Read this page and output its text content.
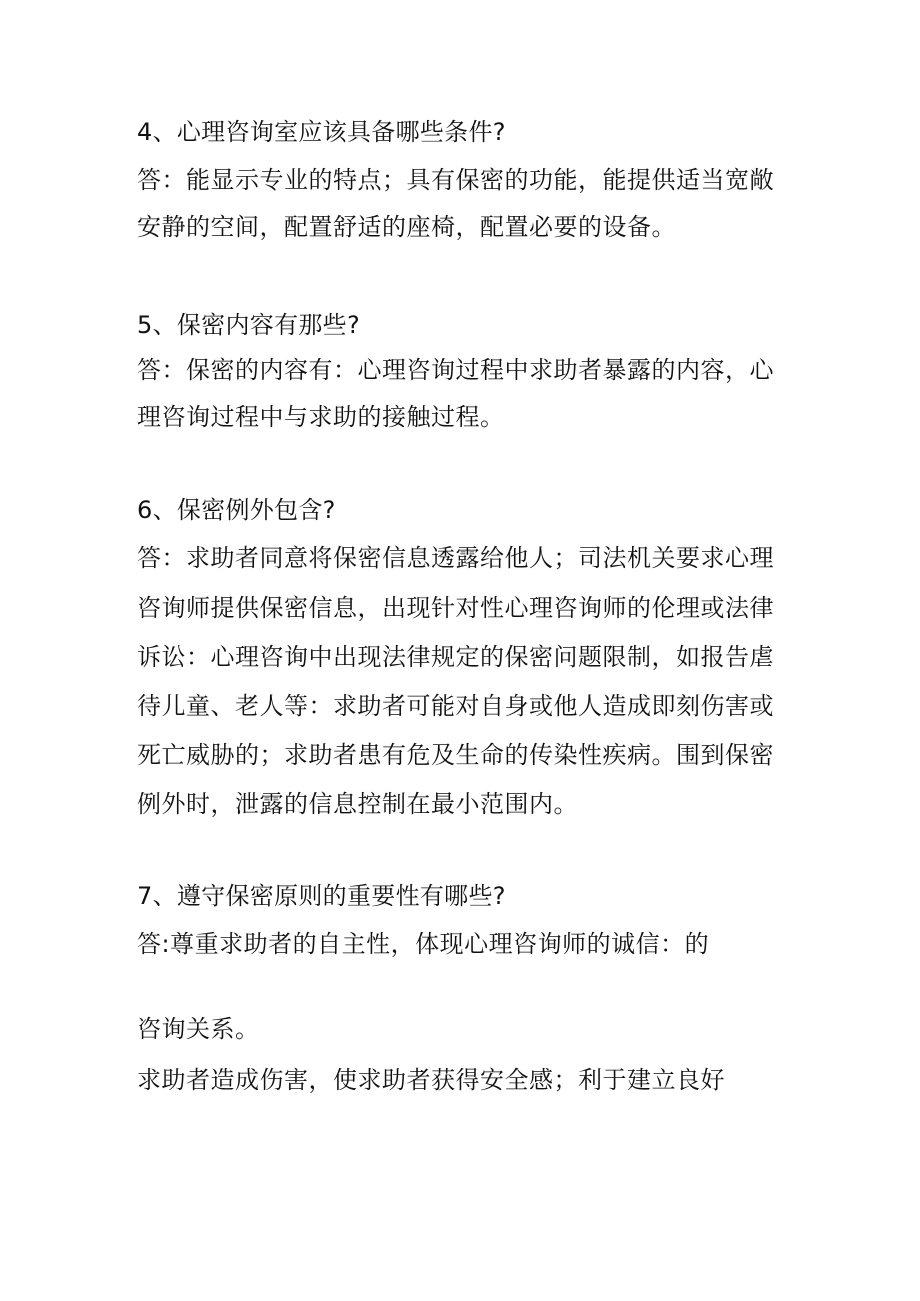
4、心理咨询室应该具备哪些条件?
答：能显示专业的特点；具有保密的功能，能提供适当宽敞
安静的空间，配置舒适的座椅，配置必要的设备。
5、保密内容有那些?
答：保密的内容有：心理咨询过程中求助者暴露的内容，心
理咨询过程中与求助的接触过程。
6、保密例外包含?
答：求助者同意将保密信息透露给他人；司法机关要求心理
咨询师提供保密信息，出现针对性心理咨询师的伦理或法律
诉讼：心理咨询中出现法律规定的保密问题限制，如报告虐
待儿童、老人等：求助者可能对自身或他人造成即刻伤害或
死亡威胁的；求助者患有危及生命的传染性疾病。围到保密
例外时，泄露的信息控制在最小范围内。
7、遵守保密原则的重要性有哪些?
答:尊重求助者的自主性，体现心理咨询师的诚信：的
咨询关系。
求助者造成伤害，使求助者获得安全感；利于建立良好
